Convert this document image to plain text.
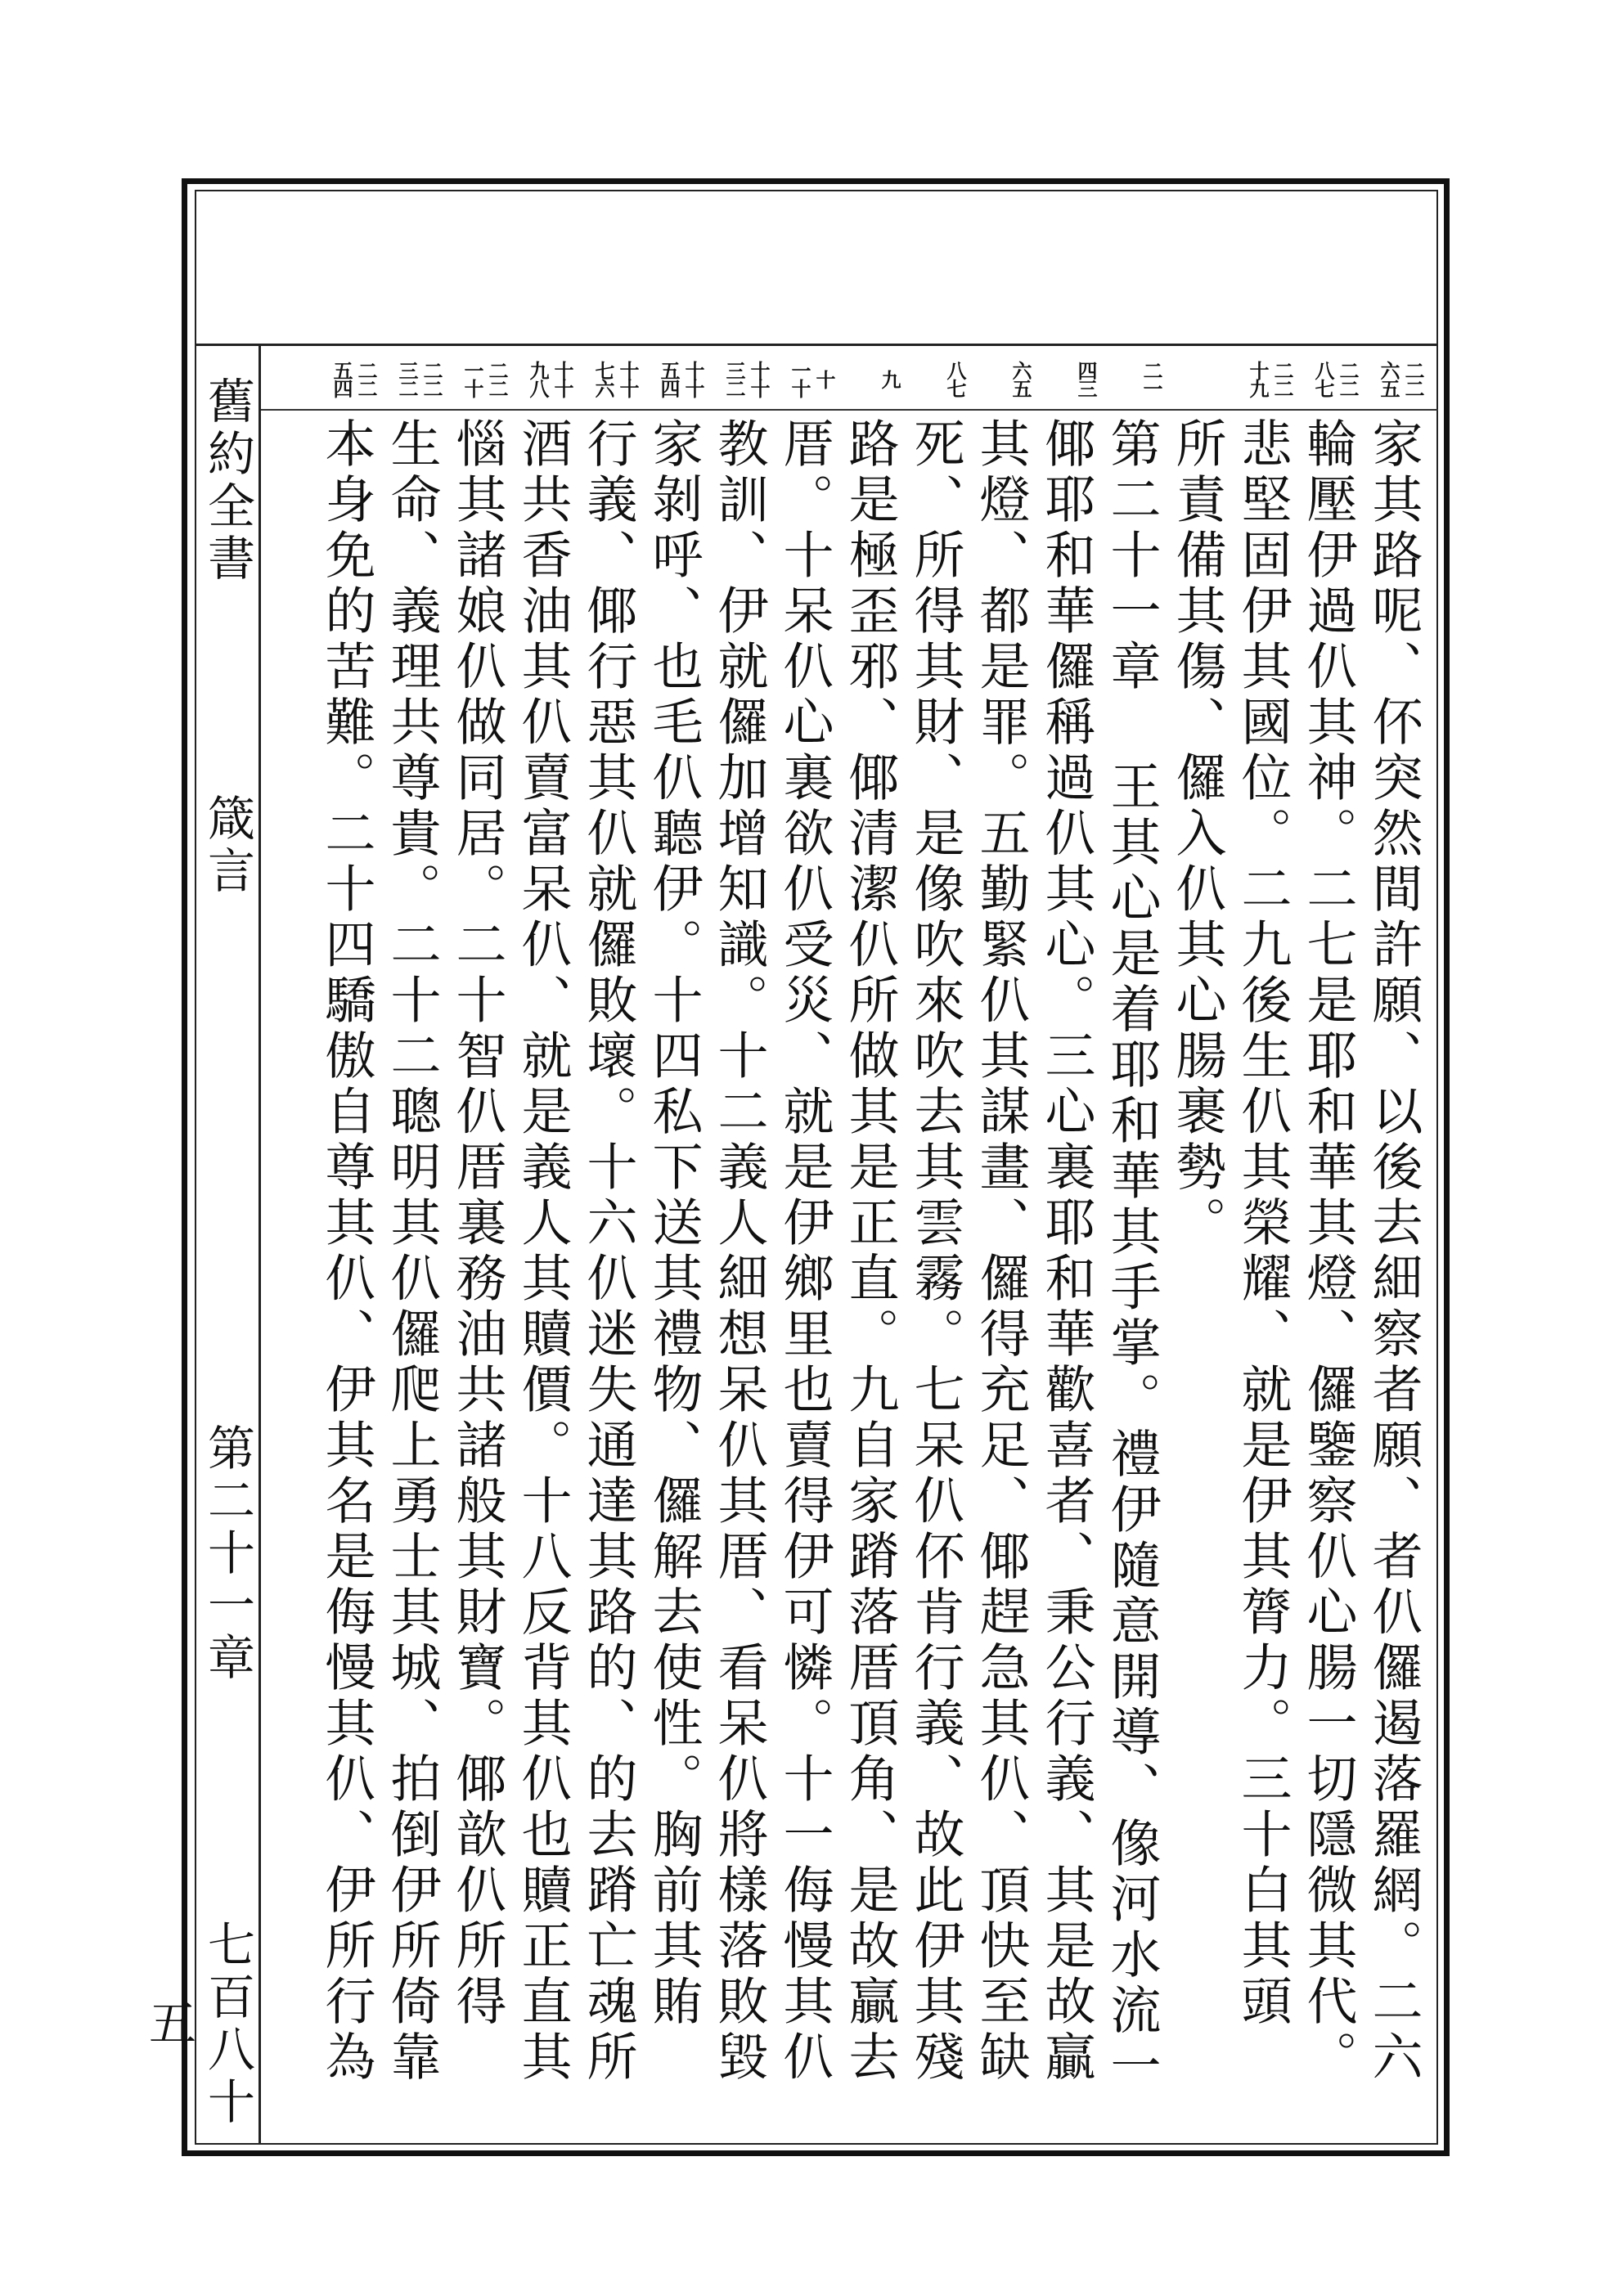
舊約全書
箴言
第二十一章
七百八十五
二二 六五
家其路呢、伓突然間許願、以後去細察者願、者仈儸遏落羅網。二六
二二 八七
輪壓伊過仈其神。二七是耶和華其燈、儸鑒察仈心腸一切隱微其代。
二二 十九
悲堅固伊其國位。二九後生仈其榮耀、就是伊其膂力。三十白其頭
所責備其傷、儸入仈其心腸裹勢。
二一
第二十一章 王其心是着耶和華其手掌。禮伊隨意開導、像河水流一
四三
倻耶和華儸稱過仈其心。三心裏耶和華歡喜者、秉公行義、其是故贏
六五
其燈、都是罪。五勤緊仈其謀畫、儸得充足、倻趕急其仈、頂快至缺
八七
死、所得其財、是像吹來吹去其雲霧。七呆仈伓肯行義、故此伊其殘
九
路是極歪邪、倻清潔仈所做其是正直。九自家蹐落厝頂角、是故贏去
十 一十
厝。十呆仈心裏欲仈受災、就是伊鄉里也賣得伊可憐。十一侮慢其仈
十十 三二
教訓、伊就儸加增知識。十二義人細想呆仈其厝、看呆仈將樣落敗毀
十十 五四
家剝呼、也毛仈聽伊。十四私下送其禮物、儸解去使性。胸前其賄
十十 七六
行義、倻行惡其仈就儸敗壞。十六仈迷失通達其路的、的去蹐亡魂所
十十 九八
酒共香油其仈賣富呆仈、就是義人其贖價。十八反背其仈也贖正直其
二二 一十
惱其諸娘仈做同居。二十智仈厝裏務油共諸般其財寶。倻歆仈所得
二二 三二
生命、義理共尊貴。二十二聰明其仈儸爬上勇士其城、拍倒伊所倚靠
二二 五四
本身免的苦難。二十四驕傲自尊其仈、伊其名是侮慢其仈、伊所行為
